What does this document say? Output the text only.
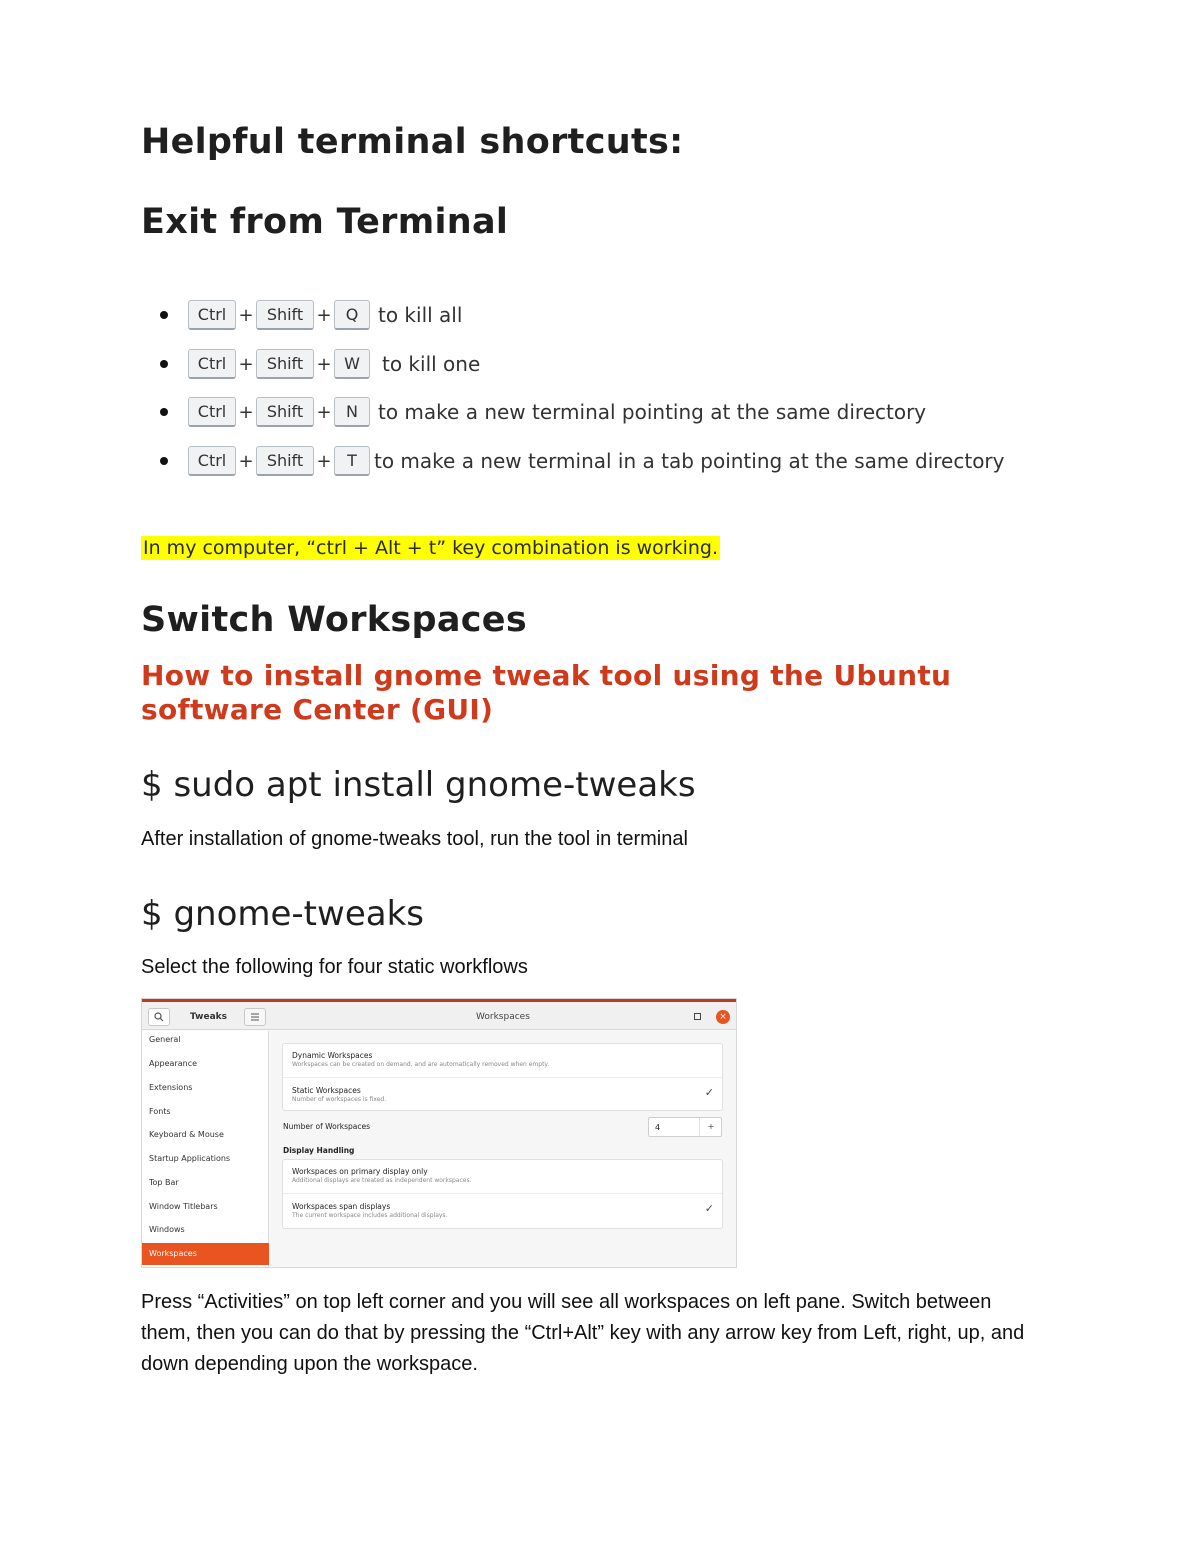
Helpful terminal shortcuts:
Exit from Terminal
Ctrl + Shift + Q to kill all
Ctrl + Shift + W	to kill one
Ctrl + Shift + N	to make a new terminal pointing at the same directory
Ctrl + Shift + T to make a new terminal in a tab pointing at the same directory
In my computer, “ctrl + Alt + t” key combination is working.
Switch Workspaces
How to install gnome tweak tool using the Ubuntu software Center (GUI)
$ sudo apt install gnome-tweaks

After installation of gnome-tweaks tool, run the tool in terminal

$ gnome-tweaks

Select the following for four static workflows

Tweaks	Workspaces	×
General
Appearance
Extensions
Fonts
Keyboard & Mouse
Startup Applications
Top Bar
Window Titlebars
Windows
Workspaces
Dynamic Workspaces
Workspaces can be created on demand, and are automatically removed when empty.
Static Workspaces
Number of workspaces is fixed.
✓
Number of Workspaces	4	+
Display Handling
Workspaces on primary display only
Additional displays are treated as independent workspaces.
Workspaces span displays
The current workspace includes additional displays.
✓

Press “Activities” on top left corner and you will see all workspaces on left pane. Switch between them, then you can do that by pressing the “Ctrl+Alt” key with any arrow key from Left, right, up, and down depending upon the workspace.
